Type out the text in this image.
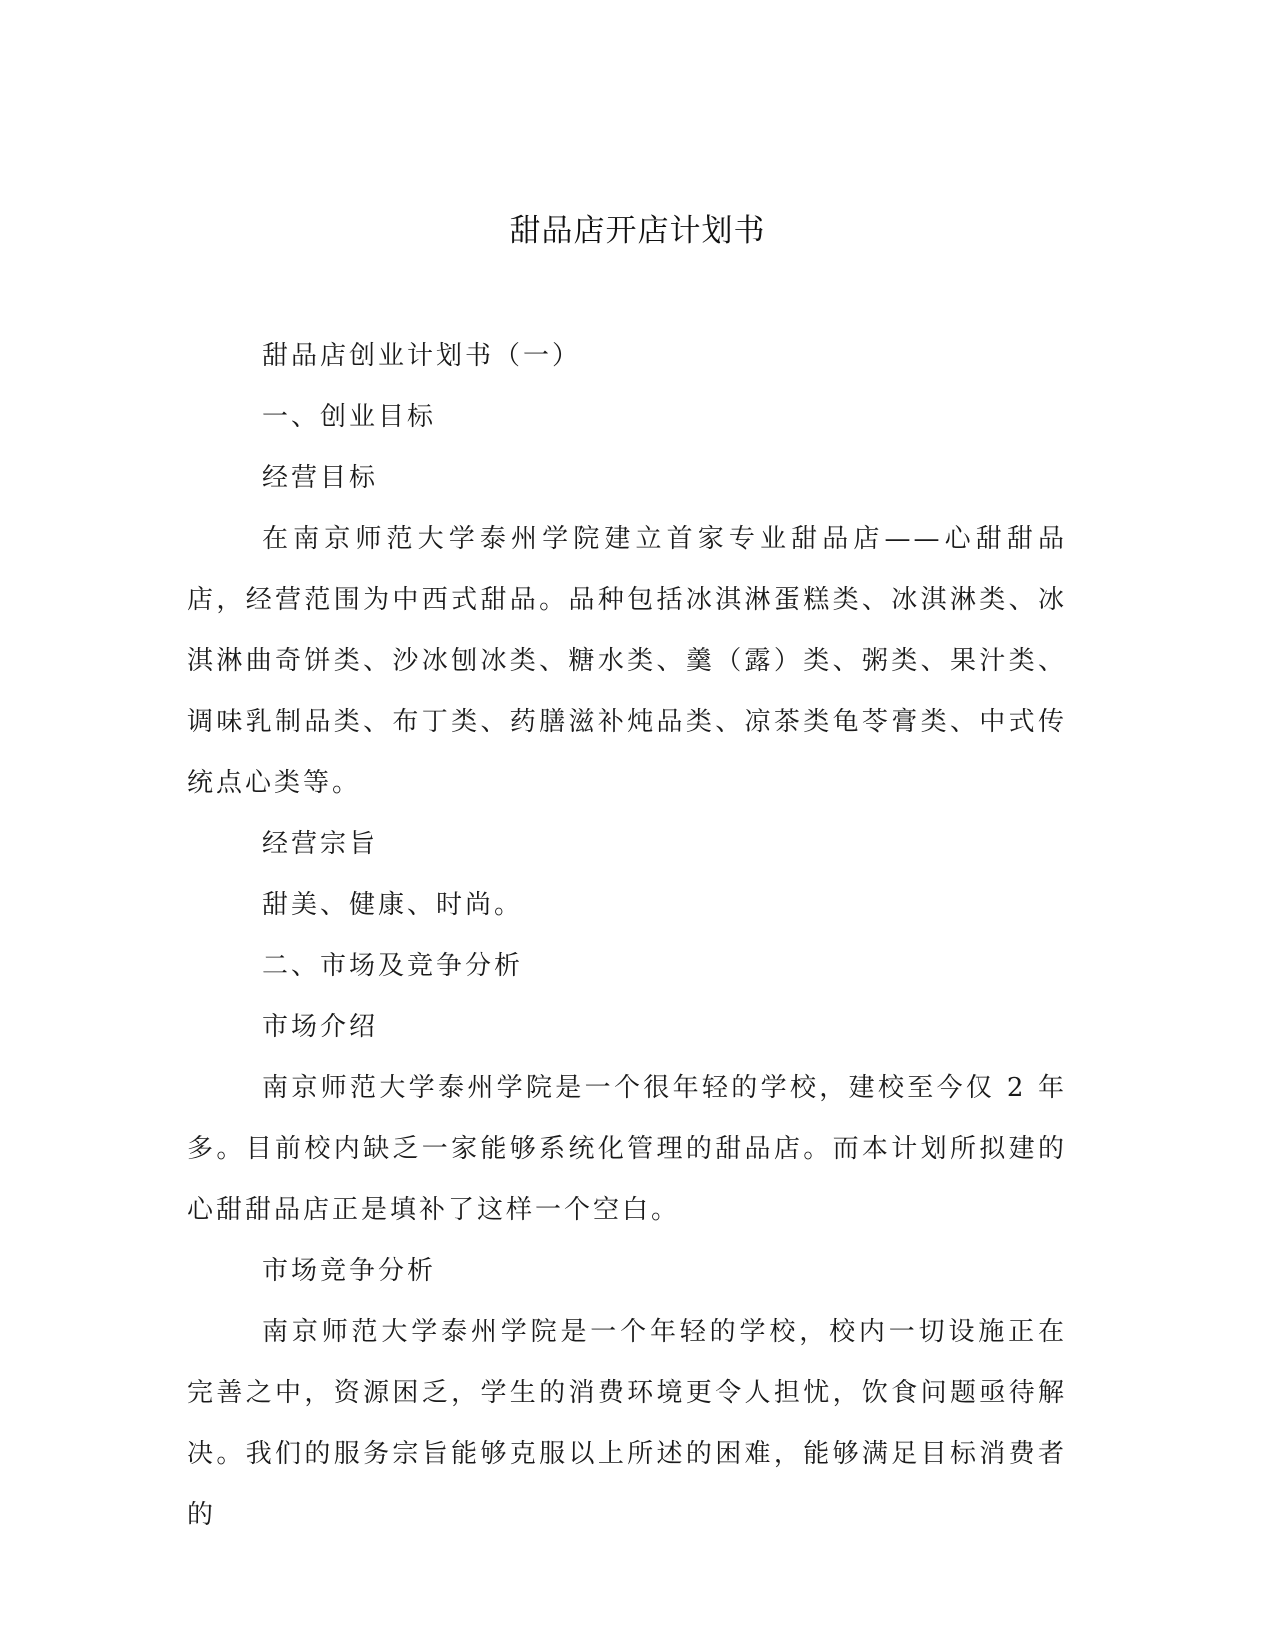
甜品店开店计划书

甜品店创业计划书（一）

一、创业目标

经营目标

在南京师范大学泰州学院建立首家专业甜品店——心甜甜品店，经营范围为中西式甜品。品种包括冰淇淋蛋糕类、冰淇淋类、冰淇淋曲奇饼类、沙冰刨冰类、糖水类、羹（露）类、粥类、果汁类、调味乳制品类、布丁类、药膳滋补炖品类、凉茶类龟苓膏类、中式传统点心类等。

经营宗旨

甜美、健康、时尚。

二、市场及竞争分析

市场介绍

南京师范大学泰州学院是一个很年轻的学校，建校至今仅 2 年多。目前校内缺乏一家能够系统化管理的甜品店。而本计划所拟建的心甜甜品店正是填补了这样一个空白。

市场竞争分析

南京师范大学泰州学院是一个年轻的学校，校内一切设施正在完善之中，资源困乏，学生的消费环境更令人担忧，饮食问题亟待解决。我们的服务宗旨能够克服以上所述的困难，能够满足目标消费者的
